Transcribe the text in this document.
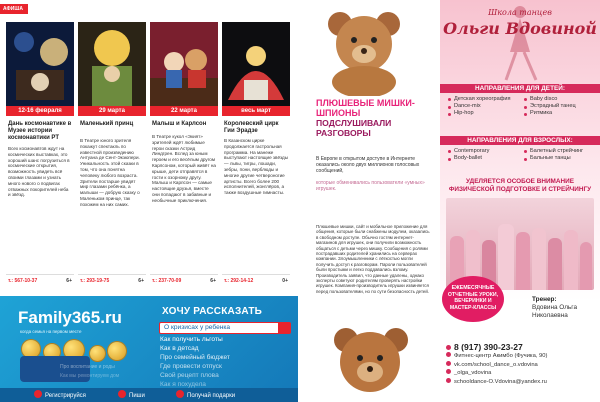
АФИША
12-16 февраля
Дань космонавтике в Музее истории космонавтики РТ
Всех космонавтов ждут на космических выставках, это хороший шанс погрузиться в космические открытия, возможность увидеть всё своими глазами и узнать много нового о подвигах отважных покорителей неба и звёзд.
т.: 567-10-37	6+
29 марта
Маленький принц
В Театре юного зрителя покажут спектакль по известной произведению Антуана де Сент-Экзюпери. Уникальность этой сказки в том, что она понятна человеку любого возраста. Зрители постарше увидят мир глазами ребёнка, а малыши — добрую сказку о Маленьком принце, так похожем на них самих.
т.: 293-19-75	6+
22 марта
Малыш и Карлсон
В Театре кукол «Экият» зрителей ждёт любимые герои сказки Астрид Линдгрен. Вслед за юным героем и его весёлым другом Карлсоном, который живёт на крыше, дети отправятся в гости к озорному другу. Малыш и Карлсон — самые настоящие друзья, вместе они попадают в забавные и необычные приключения.
т.: 237-70-09	6+
весь март
Королевский цирк Гии Эрадзе
В Казанском цирке продолжается гастрольная программа. На манеже выступают настоящие звёзды — львы, тигры, лошади, зебры, пони, верблюды и многие другие четвероногие артисты. Всего более 200 исполнителей, жонглёров, а также воздушные гимнасты.
т.: 292-14-12	0+
Family365.ru
когда семья на первом месте
ХОЧУ РАССКАЗАТЬ
О кризисах у ребенка
Как получить льготы
Как в детсад
Про семейный бюджет
Где провести отпуск
Свой рецепт плова
Как я похудела
Про воспитание и роды
Как мы ремонтируем дом
Регистрируйся	Пиши	Получай подарки
ПЛЮШЕВЫЕ МИШКИ-ШПИОНЫ
ПОДСЛУШИВАЛИ РАЗГОВОРЫ
В Европе в открытом доступе в Интернете оказались около двух миллионов голосовых сообщений,
которые обменивались пользователи «умных» игрушек.
Плюшевые мишки, сайт и мобильное приложение для общения, которые были снабжены модулем, оказались в свободном доступе. Обычно гостям интернет-магазинов для игрушек, они получили возможность общаться с детьми через мишку. Сообщения с ролями пострадавших родителей хранились на серверах компании. Злоумышленники с лёгкостью могли получить доступ к разговорам. Пароли пользователей были простыми и легко поддавались взлому. Производитель заявил, что данные удалены, однако эксперты советуют родителям проверять настройки игрушек. Компания-производитель игрушки извиняется перед пользователями, но по сути безопасность детей.
Школа танцев
Ольги Вдовиной
НАПРАВЛЕНИЯ ДЛЯ ДЕТЕЙ:
Детская хореография
Dance-mix
Hip-hop
Baby disco
Эстрадный танец
Ритмика
НАПРАВЛЕНИЯ ДЛЯ ВЗРОСЛЫХ:
Contemporary
Body-ballet
Балетный стрейчинг
Бальные танцы
УДЕЛЯЕТСЯ ОСОБОЕ ВНИМАНИЕ ФИЗИЧЕСКОЙ ПОДГОТОВКЕ И СТРЕЙЧИНГУ
ЕЖЕМЕСЯЧНЫЕ ОТЧЕТНЫЕ УРОКИ, ВЕЧЕРИНКИ И МАСТЕР-КЛАССЫ
Тренер:
Вдовина Ольга Николаевна
8 (917) 390-23-27
Фитнес-центр Акимбо (Фучика, 90)
vk.com/school_dance_o.vdovina
_olga_vdovina
schooldance-O.Vdovina@yandex.ru
